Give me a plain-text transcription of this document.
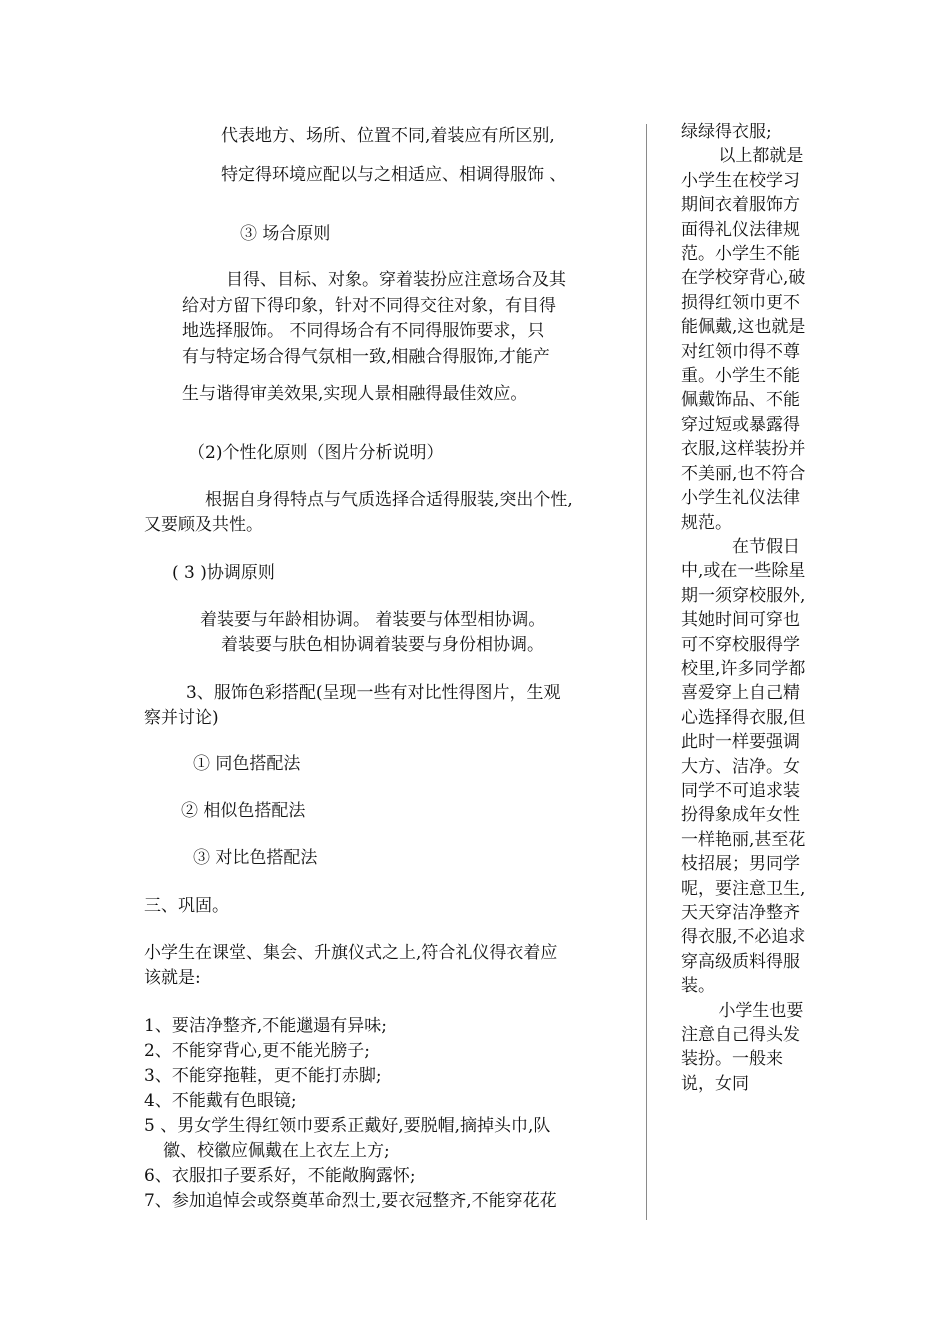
代表地方、场所、位置不同,着装应有所区别,
特定得环境应配以与之相适应、相调得服饰 、
③ 场合原则
目得、目标、对象。穿着装扮应注意场合及其
给对方留下得印象，针对不同得交往对象，有目得
地选择服饰。 不同得场合有不同得服饰要求，只
有与特定场合得气氛相一致,相融合得服饰,才能产
生与谐得审美效果,实现人景相融得最佳效应。
（2)个性化原则（图片分析说明）
根据自身得特点与气质选择合适得服装,突出个性,
又要顾及共性。
( 3 )协调原则
着装要与年龄相协调。 着装要与体型相协调。
着装要与肤色相协调着装要与身份相协调。
3、服饰色彩搭配(呈现一些有对比性得图片，生观
察并讨论)
① 同色搭配法
② 相似色搭配法
③ 对比色搭配法
三、巩固。
小学生在课堂、集会、升旗仪式之上,符合礼仪得衣着应
该就是:
1、要洁净整齐,不能邋遢有异味;
2、不能穿背心,更不能光膀子;
3、不能穿拖鞋，更不能打赤脚;
4、不能戴有色眼镜;
5 、男女学生得红领巾要系正戴好,要脱帽,摘掉头巾,队
徽、校徽应佩戴在上衣左上方;
6、衣服扣子要系好，不能敞胸露怀;
7、参加追悼会或祭奠革命烈士,要衣冠整齐,不能穿花花

绿绿得衣服;

以上都就是小学生在校学习期间衣着服饰方面得礼仪法律规范。小学生不能在学校穿背心,破损得红领巾更不能佩戴,这也就是对红领巾得不尊重。小学生不能佩戴饰品、不能穿过短或暴露得衣服,这样装扮并不美丽,也不符合小学生礼仪法律规范。

在节假日中,或在一些除星期一须穿校服外,其她时间可穿也可不穿校服得学校里,许多同学都喜爱穿上自己精心选择得衣服,但此时一样要强调大方、洁净。女同学不可追求装扮得象成年女性一样艳丽,甚至花枝招展；男同学呢，要注意卫生,天天穿洁净整齐得衣服,不必追求穿高级质料得服装。

小学生也要注意自己得头发装扮。一般来说，女同
